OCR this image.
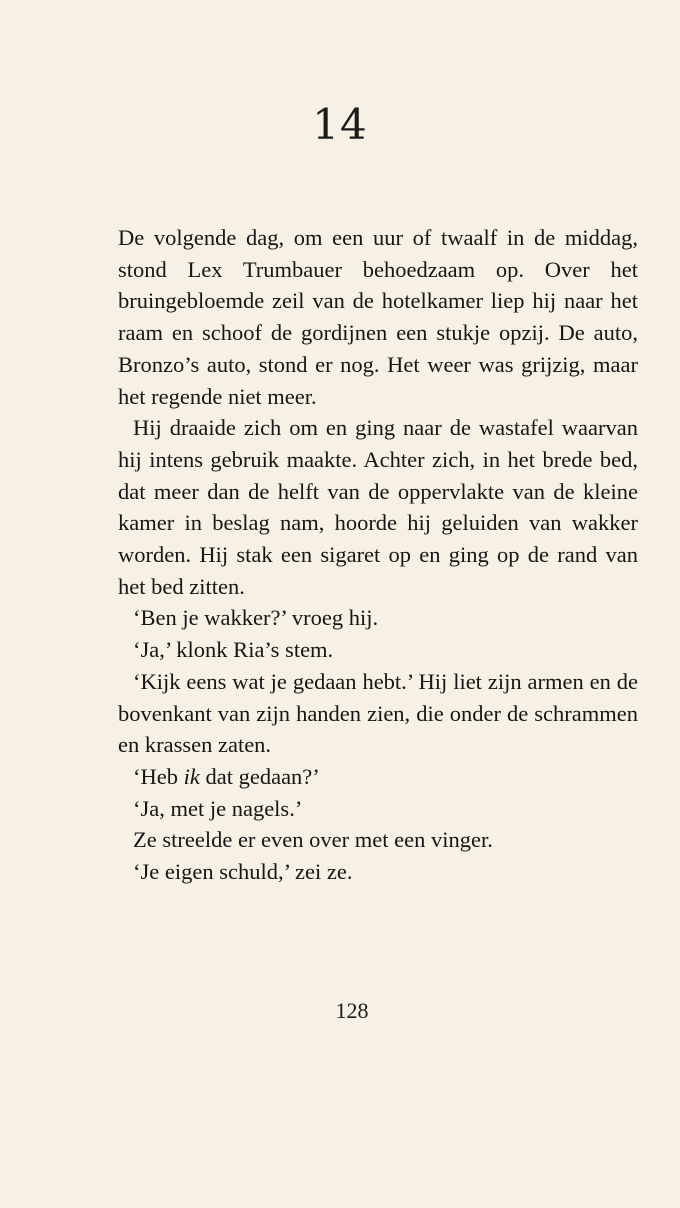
14

De volgende dag, om een uur of twaalf in de middag, stond Lex Trumbauer behoedzaam op. Over het bruingebloemde zeil van de hotelkamer liep hij naar het raam en schoof de gordijnen een stukje opzij. De auto, Bronzo’s auto, stond er nog. Het weer was grijzig, maar het regende niet meer.

Hij draaide zich om en ging naar de wastafel waarvan hij intens gebruik maakte. Achter zich, in het brede bed, dat meer dan de helft van de oppervlakte van de kleine kamer in beslag nam, hoorde hij geluiden van wakker worden. Hij stak een sigaret op en ging op de rand van het bed zitten.

‘Ben je wakker?’ vroeg hij.

‘Ja,’ klonk Ria’s stem.

‘Kijk eens wat je gedaan hebt.’ Hij liet zijn armen en de bovenkant van zijn handen zien, die onder de schrammen en krassen zaten.

‘Heb ik dat gedaan?’

‘Ja, met je nagels.’

Ze streelde er even over met een vinger.

‘Je eigen schuld,’ zei ze.

128
